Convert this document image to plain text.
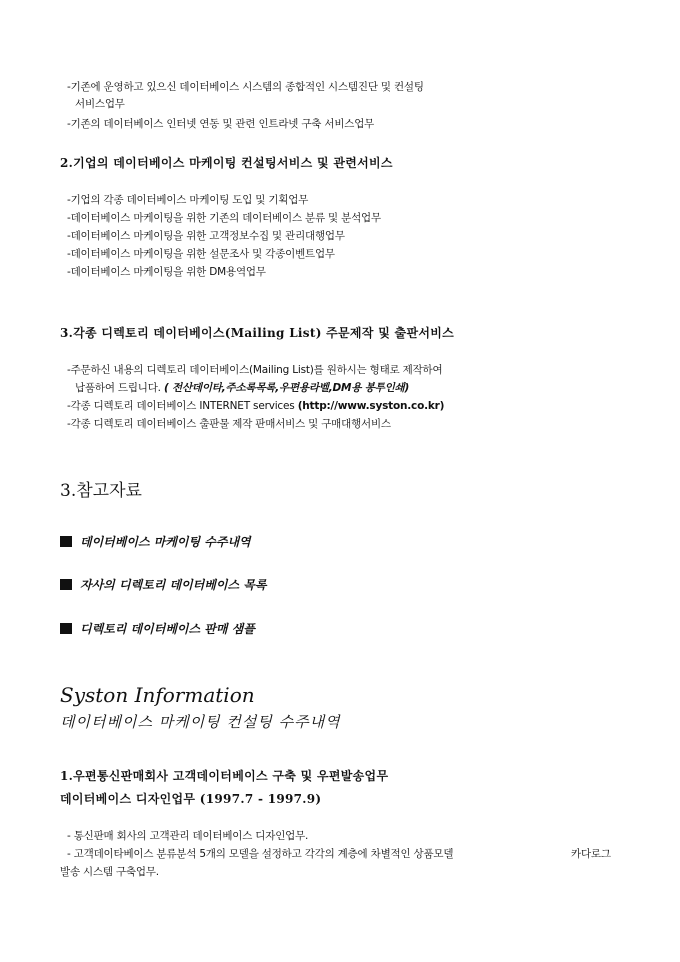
-기존에 운영하고 있으신 데이터베이스 시스템의 종합적인 시스템진단 및 컨설팅
서비스업무
-기존의 데이터베이스 인터넷 연동 및 관련 인트라넷 구축 서비스업무
2.기업의 데이터베이스 마케이팅 컨설팅서비스 및 관련서비스
-기업의 각종 데이터베이스 마케이팅 도입 및 기획업무
-데이터베이스 마케이팅을 위한 기존의 데이터베이스 분류 및 분석업무
-데이터베이스 마케이팅을 위한 고객정보수집 및 관리대행업무
-데이터베이스 마케이팅을 위한 설문조사 및 각종이벤트업무
-데이터베이스 마케이팅을 위한 DM용역업무
3.각종 디렉토리 데이터베이스(Mailing List) 주문제작 및 출판서비스
-주문하신 내용의 디렉토리 데이터베이스(Mailing List)를 원하시는 형태로 제작하여
납품하여 드립니다. ( 전산데이타,주소록목록,우편용라벨,DM용 봉투인쇄)
-각종 디렉토리 데이터베이스 INTERNET services (http://www.syston.co.kr)
-각종 디렉토리 데이터베이스 출판물 제작 판매서비스 및 구매대행서비스
3.참고자료
데이터베이스 마케이팅 수주내역
자사의 디렉토리 데이터베이스 목록
디렉토리 데이터베이스 판매 샘플
Syston Information
데이터베이스 마케이팅 컨설팅 수주내역
1.우편통신판매회사 고객데이터베이스 구축 및 우편발송업무
데이터베이스 디자인업무 (1997.7 - 1997.9)
- 통신판매 회사의 고객관리 데이터베이스 디자인업무.
- 고객데이타베이스 분류분석 5개의 모델을 설정하고 각각의 계층에 차별적인 상품모델	카다로그
발송 시스템 구축업무.
